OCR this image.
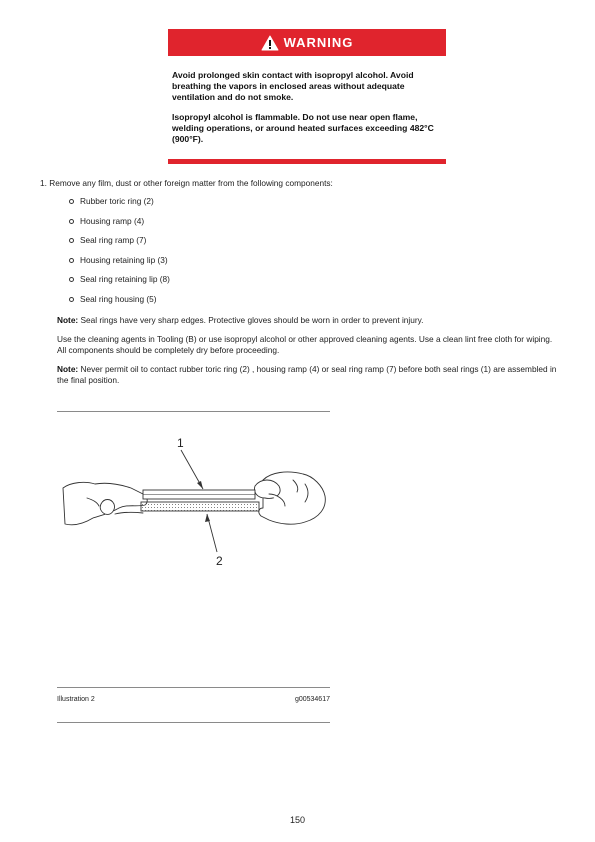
WARNING

Avoid prolonged skin contact with isopropyl alcohol. Avoid breathing the vapors in enclosed areas without adequate ventilation and do not smoke.

Isopropyl alcohol is flammable. Do not use near open flame, welding operations, or around heated surfaces exceeding 482°C (900°F).

1. Remove any film, dust or other foreign matter from the following components:
Rubber toric ring (2)
Housing ramp (4)
Seal ring ramp (7)
Housing retaining lip (3)
Seal ring retaining lip (8)
Seal ring housing (5)
Note: Seal rings have very sharp edges. Protective gloves should be worn in order to prevent injury.
Use the cleaning agents in Tooling (B) or use isopropyl alcohol or other approved cleaning agents. Use a clean lint free cloth for wiping. All components should be completely dry before proceeding.
Note: Never permit oil to contact rubber toric ring (2) , housing ramp (4) or seal ring ramp (7) before both seal rings (1) are assembled in the final position.
1
2
Illustration 2	g00534617
150
